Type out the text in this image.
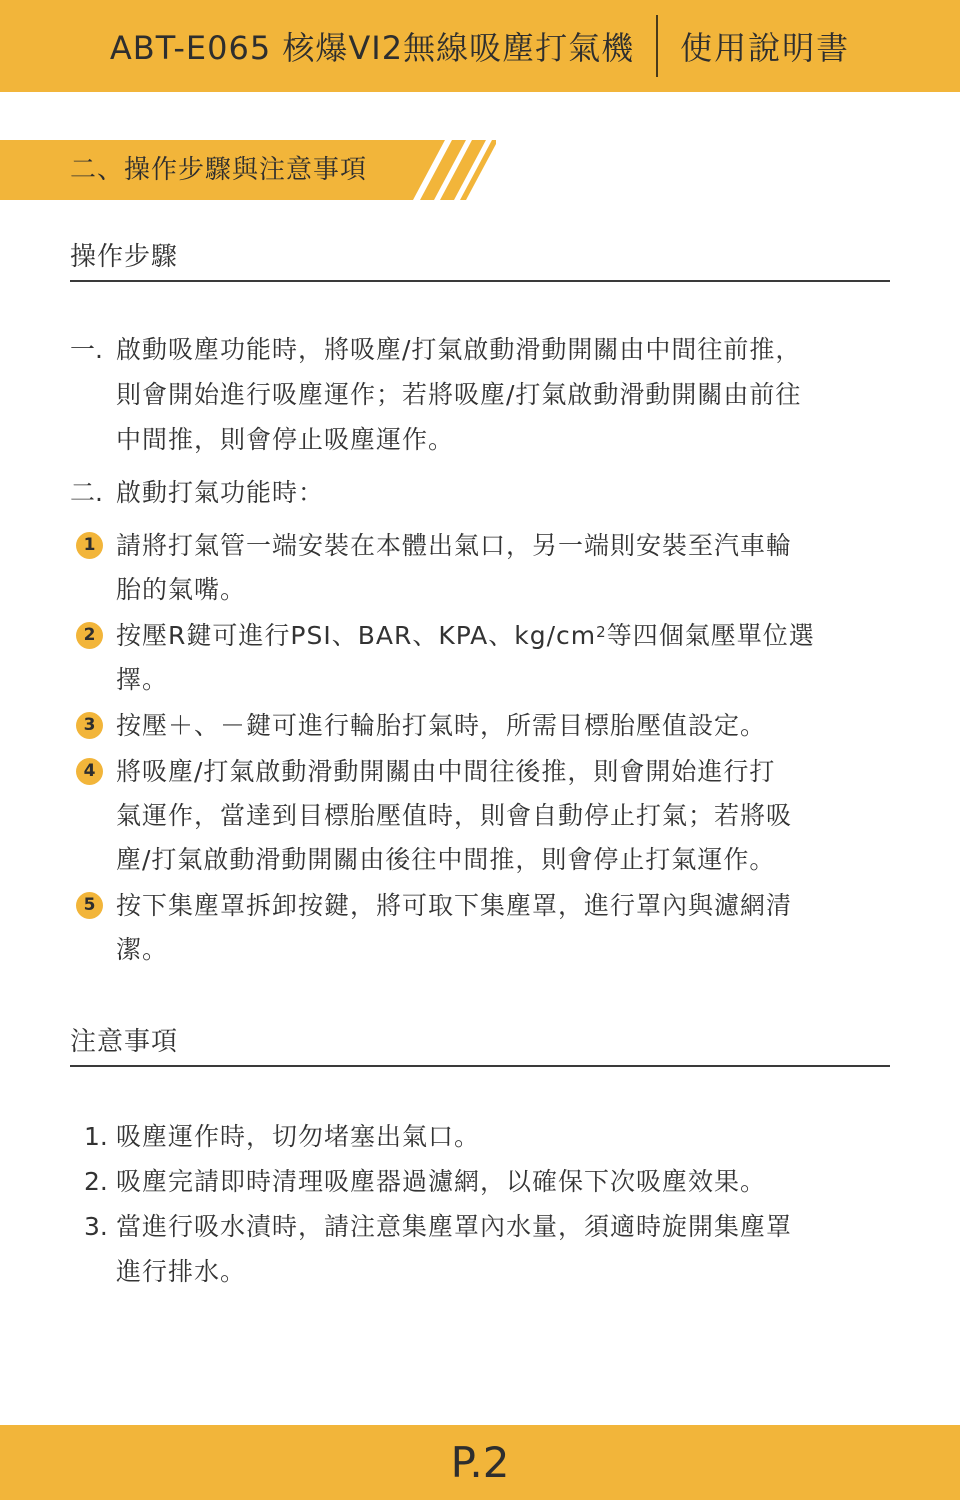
ABT-E065 核爆VI2無線吸塵打氣機 使用說明書
二、操作步驟與注意事項
操作步驟
一. 啟動吸塵功能時，將吸塵/打氣啟動滑動開關由中間往前推，
則會開始進行吸塵運作；若將吸塵/打氣啟動滑動開關由前往
中間推，則會停止吸塵運作。
二. 啟動打氣功能時：
1 請將打氣管一端安裝在本體出氣口，另一端則安裝至汽車輪
胎的氣嘴。
2 按壓R鍵可進行PSI、BAR、KPA、$kg/cm^2$等四個氣壓單位選
擇。
3 按壓＋、－鍵可進行輪胎打氣時，所需目標胎壓值設定。
4 將吸塵/打氣啟動滑動開關由中間往後推，則會開始進行打
氣運作，當達到目標胎壓值時，則會自動停止打氣；若將吸
塵/打氣啟動滑動開關由後往中間推，則會停止打氣運作。
5 按下集塵罩拆卸按鍵，將可取下集塵罩，進行罩內與濾網清
潔。
注意事項
1. 吸塵運作時，切勿堵塞出氣口。
2. 吸塵完請即時清理吸塵器過濾網，以確保下次吸塵效果。
3. 當進行吸水漬時，請注意集塵罩內水量，須適時旋開集塵罩
進行排水。
P.2
